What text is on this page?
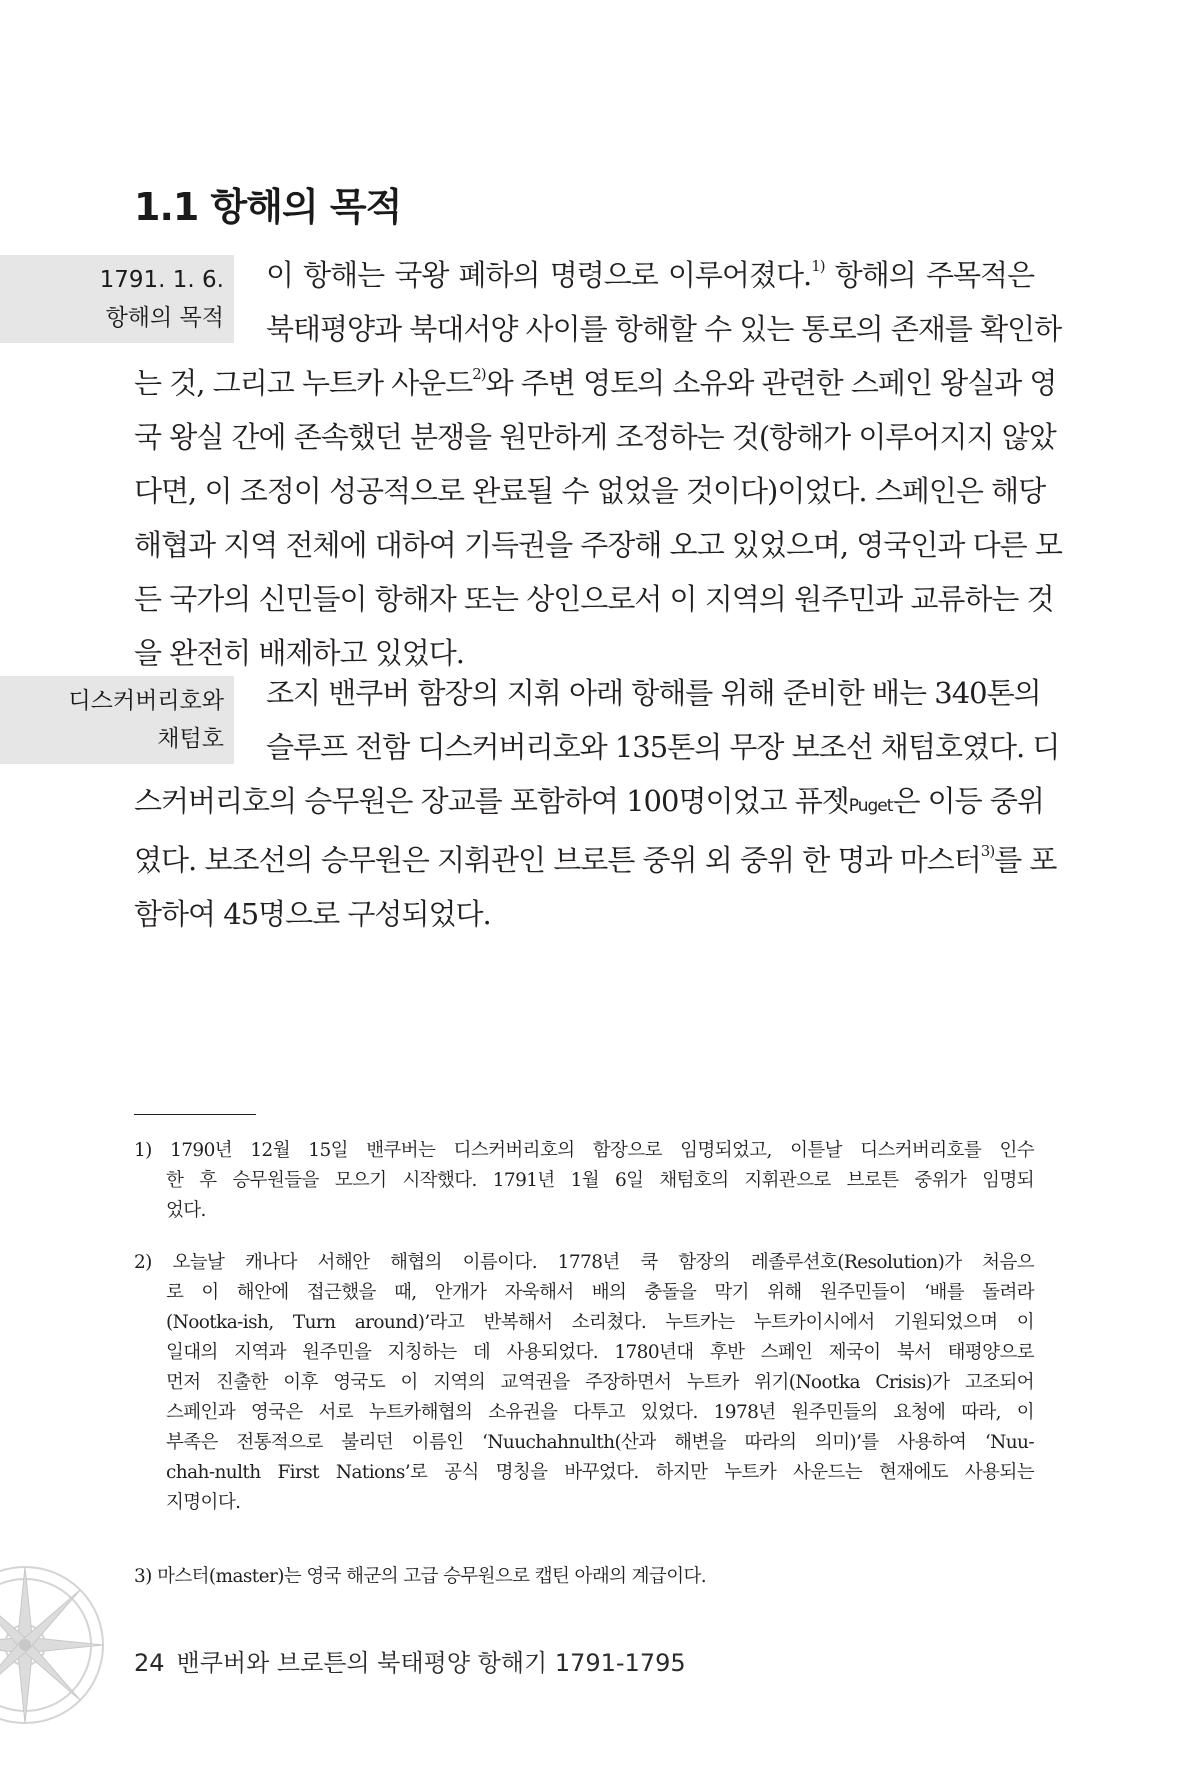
1.1 항해의 목적
1791. 1. 6.
항해의 목적
이 항해는 국왕 폐하의 명령으로 이루어졌다.$^{1)}$ 항해의 주목적은
북태평양과 북대서양 사이를 항해할 수 있는 통로의 존재를 확인하
는 것, 그리고 누트카 사운드$^{2)}$와 주변 영토의 소유와 관련한 스페인 왕실과 영
국 왕실 간에 존속했던 분쟁을 원만하게 조정하는 것(항해가 이루어지지 않았
다면, 이 조정이 성공적으로 완료될 수 없었을 것이다)이었다. 스페인은 해당
해협과 지역 전체에 대하여 기득권을 주장해 오고 있었으며, 영국인과 다른 모
든 국가의 신민들이 항해자 또는 상인으로서 이 지역의 원주민과 교류하는 것
을 완전히 배제하고 있었다.
디스커버리호와
채텀호
조지 밴쿠버 함장의 지휘 아래 항해를 위해 준비한 배는 340톤의
슬루프 전함 디스커버리호와 135톤의 무장 보조선 채텀호였다. 디
스커버리호의 승무원은 장교를 포함하여 100명이었고 퓨젯Puget은 이등 중위
였다. 보조선의 승무원은 지휘관인 브로튼 중위 외 중위 한 명과 마스터$^{3)}$를 포
함하여 45명으로 구성되었다.
1) 1790년 12월 15일 밴쿠버는 디스커버리호의 함장으로 임명되었고, 이튿날 디스커버리호를 인수
한 후 승무원들을 모으기 시작했다. 1791년 1월 6일 채텀호의 지휘관으로 브로튼 중위가 임명되
었다.
2) 오늘날 캐나다 서해안 해협의 이름이다. 1778년 쿡 함장의 레졸루션호(Resolution)가 처음으
로 이 해안에 접근했을 때, 안개가 자욱해서 배의 충돌을 막기 위해 원주민들이 ‘배를 돌려라
(Nootka-ish, Turn around)’라고 반복해서 소리쳤다. 누트카는 누트카이시에서 기원되었으며 이
일대의 지역과 원주민을 지칭하는 데 사용되었다. 1780년대 후반 스페인 제국이 북서 태평양으로
먼저 진출한 이후 영국도 이 지역의 교역권을 주장하면서 누트카 위기(Nootka Crisis)가 고조되어
스페인과 영국은 서로 누트카해협의 소유권을 다투고 있었다. 1978년 원주민들의 요청에 따라, 이
부족은 전통적으로 불리던 이름인 ‘Nuuchahnulth(산과 해변을 따라의 의미)’를 사용하여 ‘Nuu-
chah-nulth First Nations’로 공식 명칭을 바꾸었다. 하지만 누트카 사운드는 현재에도 사용되는
지명이다.
3) 마스터(master)는 영국 해군의 고급 승무원으로 캡틴 아래의 계급이다.
24 밴쿠버와 브로튼의 북태평양 항해기 1791-1795
